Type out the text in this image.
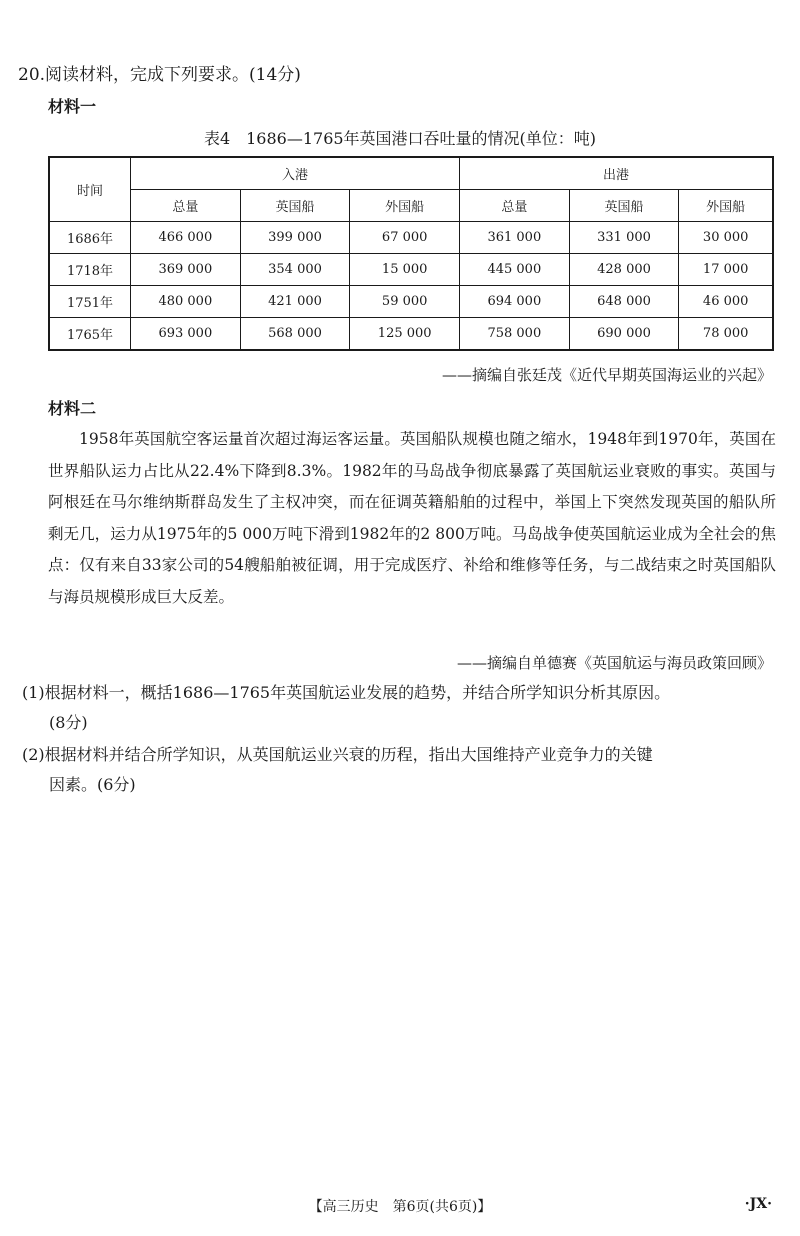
20.阅读材料，完成下列要求。(14分)
材料一
表4　1686—1765年英国港口吞吐量的情况(单位：吨)
时间	入港			出港		
	总量	英国船	外国船	总量	英国船	外国船
1686年	466 000	399 000	67 000	361 000	331 000	30 000
1718年	369 000	354 000	15 000	445 000	428 000	17 000
1751年	480 000	421 000	59 000	694 000	648 000	46 000
1765年	693 000	568 000	125 000	758 000	690 000	78 000
——摘编自张廷茂《近代早期英国海运业的兴起》
材料二
1958年英国航空客运量首次超过海运客运量。英国船队规模也随之缩水，1948年到1970年，英国在世界船队运力占比从22.4%下降到8.3%。1982年的马岛战争彻底暴露了英国航运业衰败的事实。英国与阿根廷在马尔维纳斯群岛发生了主权冲突，而在征调英籍船舶的过程中，举国上下突然发现英国的船队所剩无几，运力从1975年的5 000万吨下滑到1982年的2 800万吨。马岛战争使英国航运业成为全社会的焦点：仅有来自33家公司的54艘船舶被征调，用于完成医疗、补给和维修等任务，与二战结束之时英国船队与海员规模形成巨大反差。
——摘编自单德赛《英国航运与海员政策回顾》
(1)根据材料一，概括1686—1765年英国航运业发展的趋势，并结合所学知识分析其原因。
(8分)
(2)根据材料并结合所学知识，从英国航运业兴衰的历程，指出大国维持产业竞争力的关键
因素。(6分)
【高三历史　第6页(共6页)】	·JX·
